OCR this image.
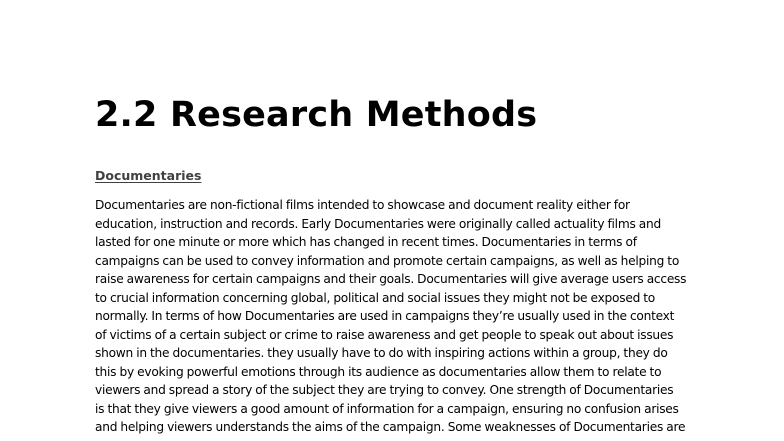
2.2 Research Methods
Documentaries
Documentaries are non-fictional films intended to showcase and document reality either for
education, instruction and records. Early Documentaries were originally called actuality films and
lasted for one minute or more which has changed in recent times. Documentaries in terms of
campaigns can be used to convey information and promote certain campaigns, as well as helping to
raise awareness for certain campaigns and their goals. Documentaries will give average users access
to crucial information concerning global, political and social issues they might not be exposed to
normally. In terms of how Documentaries are used in campaigns they’re usually used in the context
of victims of a certain subject or crime to raise awareness and get people to speak out about issues
shown in the documentaries. they usually have to do with inspiring actions within a group, they do
this by evoking powerful emotions through its audience as documentaries allow them to relate to
viewers and spread a story of the subject they are trying to convey. One strength of Documentaries
is that they give viewers a good amount of information for a campaign, ensuring no confusion arises
and helping viewers understands the aims of the campaign. Some weaknesses of Documentaries are
